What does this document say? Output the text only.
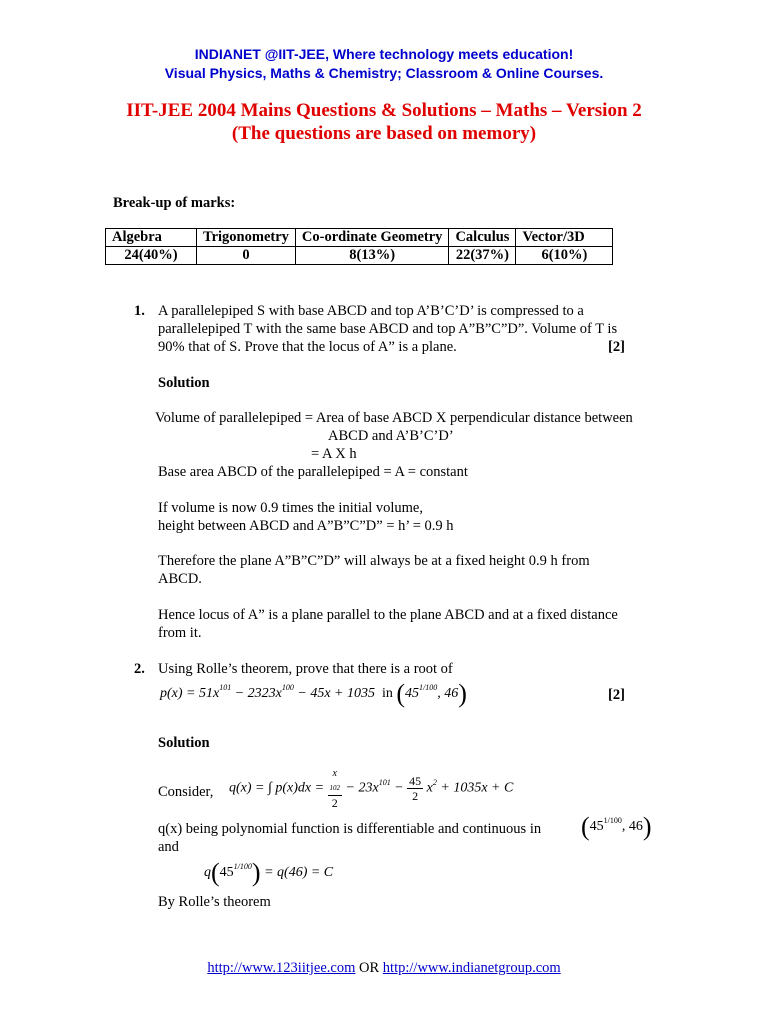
INDIANET @IIT-JEE, Where technology meets education!
Visual Physics, Maths & Chemistry; Classroom & Online Courses.
IIT-JEE 2004 Mains Questions & Solutions – Maths – Version 2
(The questions are based on memory)
Break-up of marks:
Algebra	Trigonometry	Co-ordinate Geometry	Calculus	Vector/3D
24(40%)	0	8(13%)	22(37%)	6(10%)
1. A parallelepiped S with base ABCD and top A’B’C’D’ is compressed to a
parallelepiped T with the same base ABCD and top A”B”C”D”. Volume of T is
90% that of S. Prove that the locus of A” is a plane.	[2]
Solution
Volume of parallelepiped = Area of base ABCD X perpendicular distance between
ABCD and A’B’C’D’
= A X h
Base area ABCD of the parallelepiped = A = constant
If volume is now 0.9 times the initial volume,
height between ABCD and A”B”C”D” = h’ = 0.9 h
Therefore the plane A”B”C”D” will always be at a fixed height 0.9 h from
ABCD.
Hence locus of A” is a plane parallel to the plane ABCD and at a fixed distance
from it.
2. Using Rolle’s theorem, prove that there is a root of
$p(x) = 51x^{101} - 2323x^{100} - 45x + 1035$  in ($45^{1/100}$, 46)	[2]
Solution
Consider, q(x) = ∫ p(x)dx = x
102
$2 - 23x^{101} - \frac{45}{2} x^2 + 1035x + C$
q(x) being polynomial function is differentiable and continuous in ($45^{1/100}$, 46)
and
$q(45^{1/100}) = q(46) = C$
By Rolle’s theorem
http://www.123iitjee.com OR http://www.indianetgroup.com
